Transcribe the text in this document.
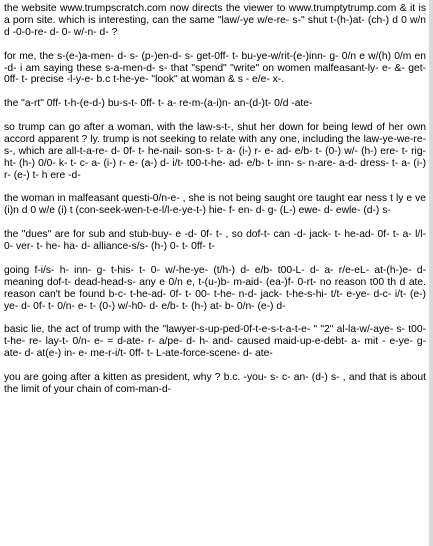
the website www.trumpscratch.com now directs the viewer to www.trumptytrump.com & it is a porn site. which is interesting, can the same "law/-ye w/e-re- s-" shut t-(h-)at- (ch-) d 0 w/n d -0-0-re- d- 0- w/-n- d- ?

for me, the s-(e-)a-men- d- s- (p-)en-d- s- get-0ff- t- bu-ye-w/rit-(e-)inn- g- 0/n e w/(h) 0/m en -d- i am saying these s-a-men-d- s- that "spend" "write" on women malfeasant-ly- e- &- get-0ff- t- precise -l-y-e- b.c t-he-ye- "look" at woman & s - e/e- x-.

the "a-rt" 0ff- t-h-(e-d-) bu-s-t- 0ff- t- a- re-m-(a-i)n- an-(d-)t- 0/d -ate-

so trump can go after a woman, with the law-s-t-, shut her down for being lewd of her own accord apparent ? ly. trump is not seeking to relate with any one, including the law-ye-we-re- s-, which are all-t-a-re- d- 0f- t- he-nail- son-s- t- a- (i-) r- e- ad- e/b- t- (0-) w/- (h-) ere- t- rig- ht- (h-) 0/0- k- t- c- a- (i-) r- e- (a-) d- i/t- t00-t-he- ad- e/b- t- inn- s- n-are- a-d- dress- t- a- (i-) r- (e-) t- h ere -d-

the woman in malfeasant questi-0/n-e- , she is not being saught ore taught ear ness t ly e ve (i)n d 0 w/e (i) t (con-seek-wen-t-e-l/l-e-ye-t-) hie- f- en- d- g- (L-) ewe- d- ewle- (d-) s-

the "dues" are for sub and stub-buy- e -d- 0f- t- , so dof-t- can -d- jack- t- he-ad- 0f- t- a- l/l- 0- ver- t- he- ha- d- alliance-s/s- (h-) 0- t- 0ff- t-

going f-i/s- h- inn- g- t-his- t- 0- w/-he-ye- (t/h-) d- e/b- t00-L- d- a- r/e-eL- at-(h-)e- d- meaning dof-t- dead-head-s- any e 0/n e, t-(u-)b- m-aid- (ea-)f- 0-rt- no reason t00 th d ate. reason can't be found b-c- t-he-ad- 0f- t- 00- t-he- n-d- jack- t-he-s-hi- t/t- e-ye- d-c- i/t- (e-) ye- d- 0f- t- 0/n- e- t- (0-) w/-h0- d- e/b- t- (h-) at- b- 0/n- (e-) d-

basic lie, the act of trump with the "lawyer-s-up-ped-0f-t-e-s-t-a-t-e- " "2" al-la-w/-aye- s- t00-t-he- re- lay-t- 0/n- e- = d-ate- r- a/pe- d- h- and- caused maid-up-e-debt- a- mit - e-ye- g- ate- d- at(e-) in- e- me-r-i/t- 0ff- t- L-ate-force-scene- d- ate-

you are going after a kitten as president, why ? b.c. -you- s- c- an- (d-) s- , and that is about the limit of your chain of com-man-d-
